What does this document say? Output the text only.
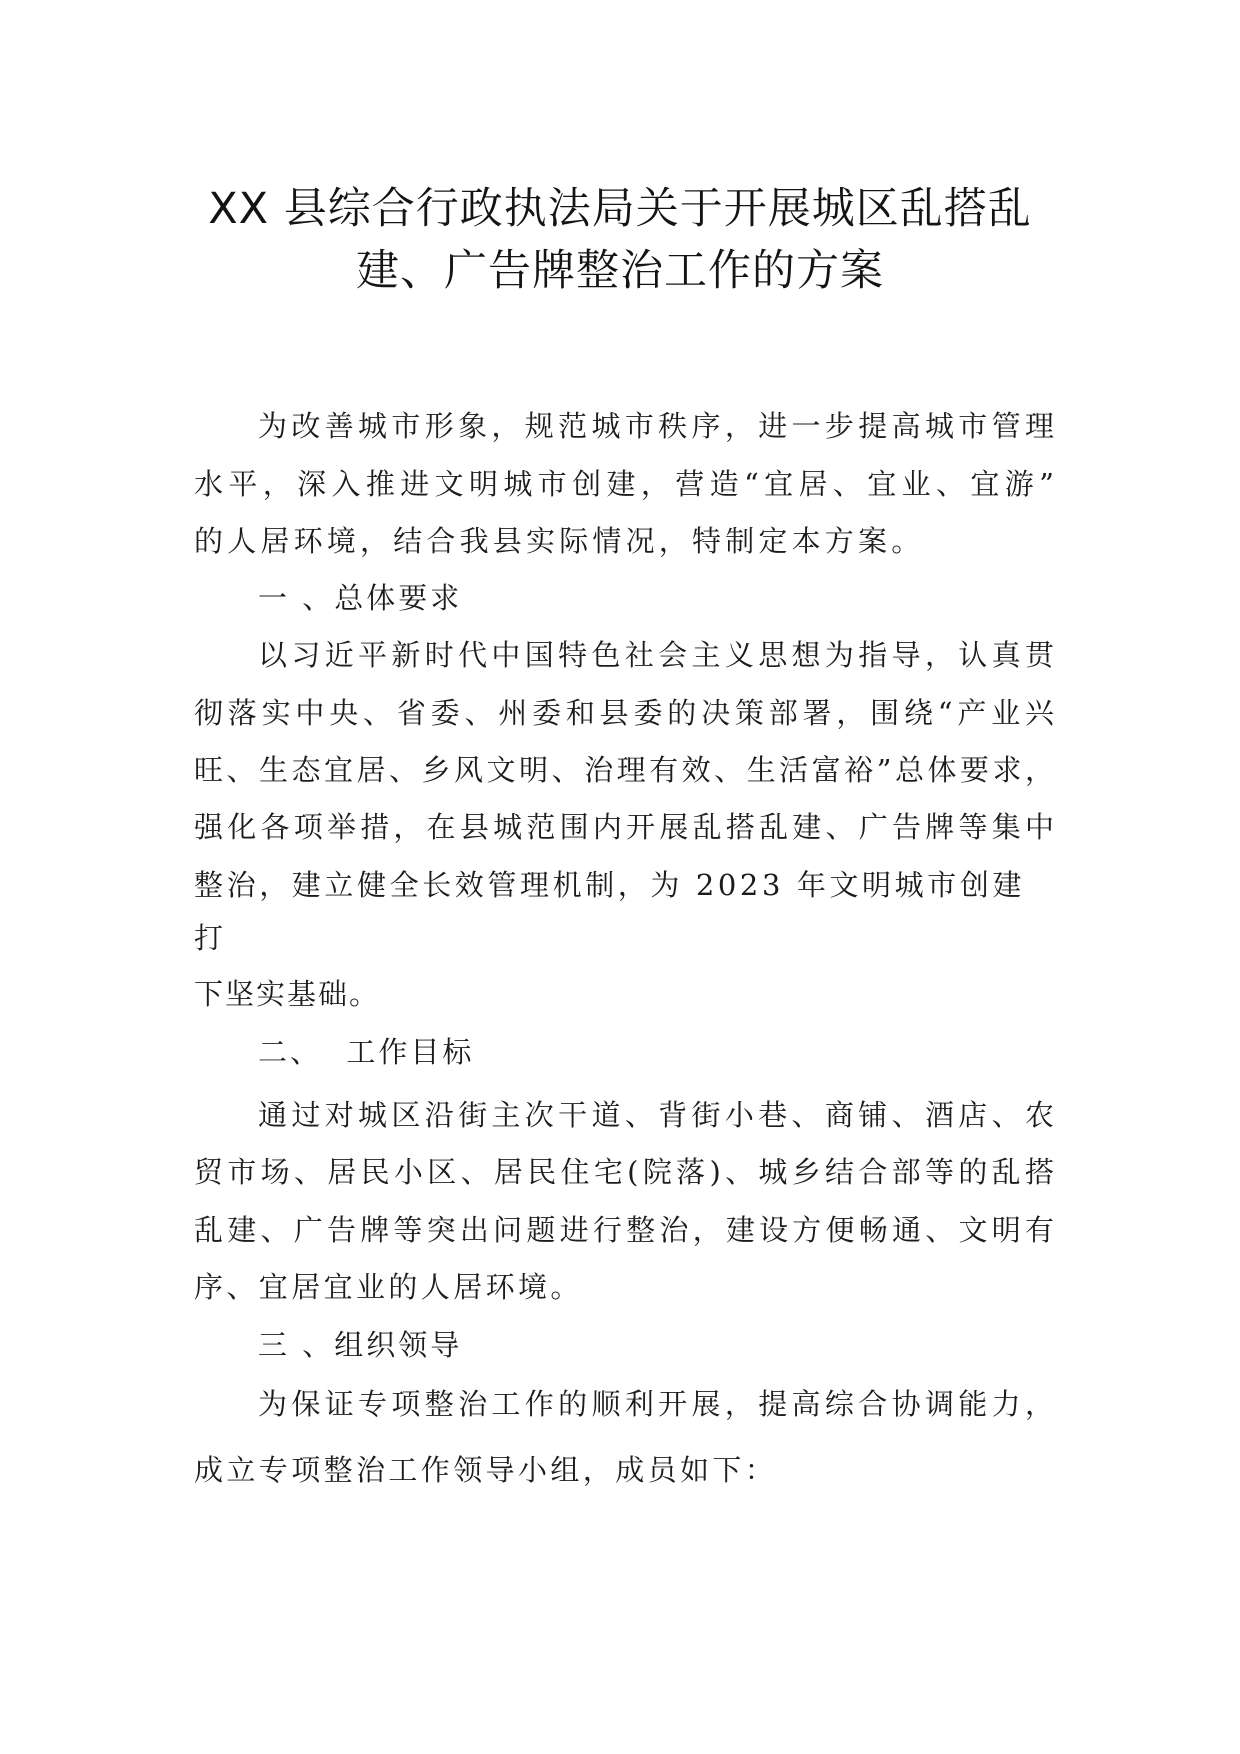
XX 县综合行政执法局关于开展城区乱搭乱
建、广告牌整治工作的方案
为改善城市形象，规范城市秩序，进一步提高城市管理
水平，深入推进文明城市创建，营造“宜居、宜业、宜游”
的人居环境，结合我县实际情况，特制定本方案。
一 、总体要求
以习近平新时代中国特色社会主义思想为指导，认真贯
彻落实中央、省委、州委和县委的决策部署，围绕“产业兴
旺、生态宜居、乡风文明、治理有效、生活富裕”总体要求，
强化各项举措，在县城范围内开展乱搭乱建、广告牌等集中
整治，建立健全长效管理机制，为 2023 年文明城市创建
打
下坚实基础。
二、  工作目标
通过对城区沿街主次干道、背街小巷、商铺、酒店、农
贸市场、居民小区、居民住宅(院落)、城乡结合部等的乱搭
乱建、广告牌等突出问题进行整治，建设方便畅通、文明有
序、宜居宜业的人居环境。
三 、组织领导
为保证专项整治工作的顺利开展，提高综合协调能力，
成立专项整治工作领导小组，成员如下：
